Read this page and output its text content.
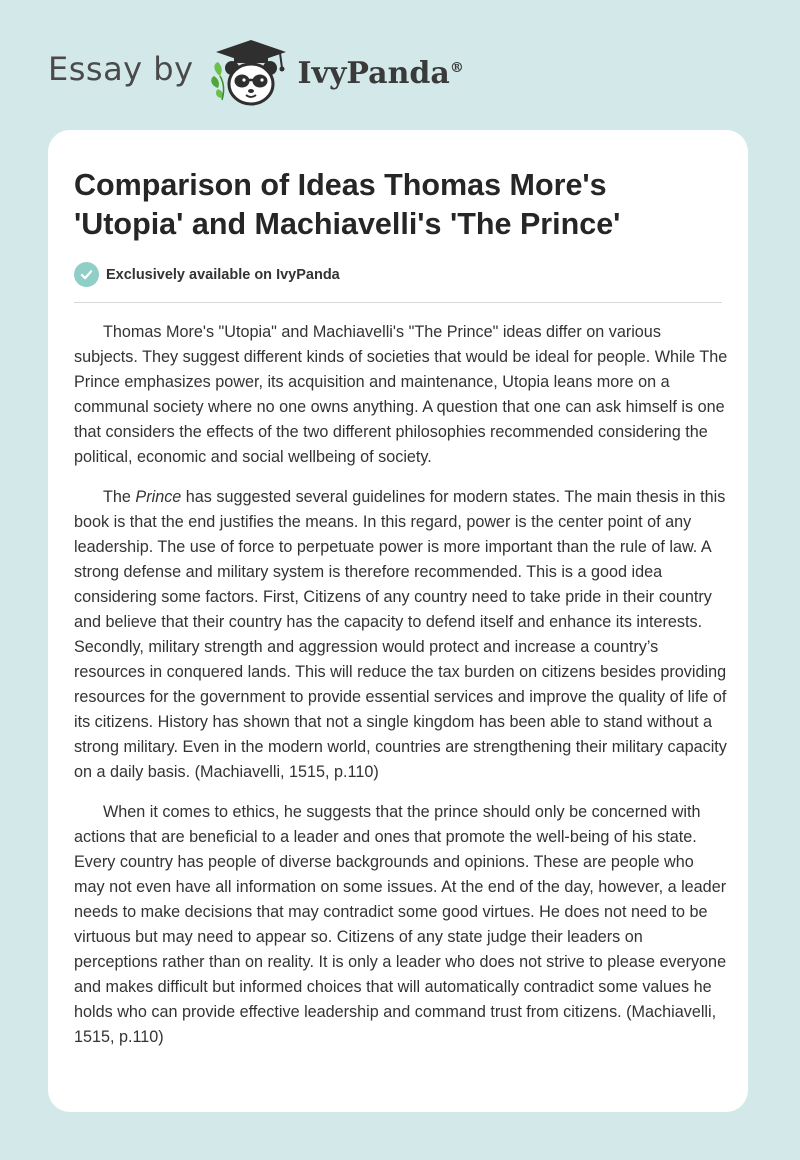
Essay by	IvyPanda®
Comparison of Ideas Thomas More's 'Utopia' and Machiavelli's 'The Prince'
Exclusively available on IvyPanda

Thomas More's "Utopia" and Machiavelli's "The Prince" ideas differ on various subjects. They suggest different kinds of societies that would be ideal for people. While The Prince emphasizes power, its acquisition and maintenance, Utopia leans more on a communal society where no one owns anything. A question that one can ask himself is one that considers the effects of the two different philosophies recommended considering the political, economic and social wellbeing of society.

The Prince has suggested several guidelines for modern states. The main thesis in this book is that the end justifies the means. In this regard, power is the center point of any leadership. The use of force to perpetuate power is more important than the rule of law. A strong defense and military system is therefore recommended. This is a good idea considering some factors. First, Citizens of any country need to take pride in their country and believe that their country has the capacity to defend itself and enhance its interests. Secondly, military strength and aggression would protect and increase a country’s resources in conquered lands. This will reduce the tax burden on citizens besides providing resources for the government to provide essential services and improve the quality of life of its citizens. History has shown that not a single kingdom has been able to stand without a strong military. Even in the modern world, countries are strengthening their military capacity on a daily basis. (Machiavelli, 1515, p.110)

When it comes to ethics, he suggests that the prince should only be concerned with actions that are beneficial to a leader and ones that promote the well-being of his state. Every country has people of diverse backgrounds and opinions. These are people who may not even have all information on some issues. At the end of the day, however, a leader needs to make decisions that may contradict some good virtues. He does not need to be virtuous but may need to appear so. Citizens of any state judge their leaders on perceptions rather than on reality. It is only a leader who does not strive to please everyone and makes difficult but informed choices that will automatically contradict some values he holds who can provide effective leadership and command trust from citizens. (Machiavelli, 1515, p.110)
